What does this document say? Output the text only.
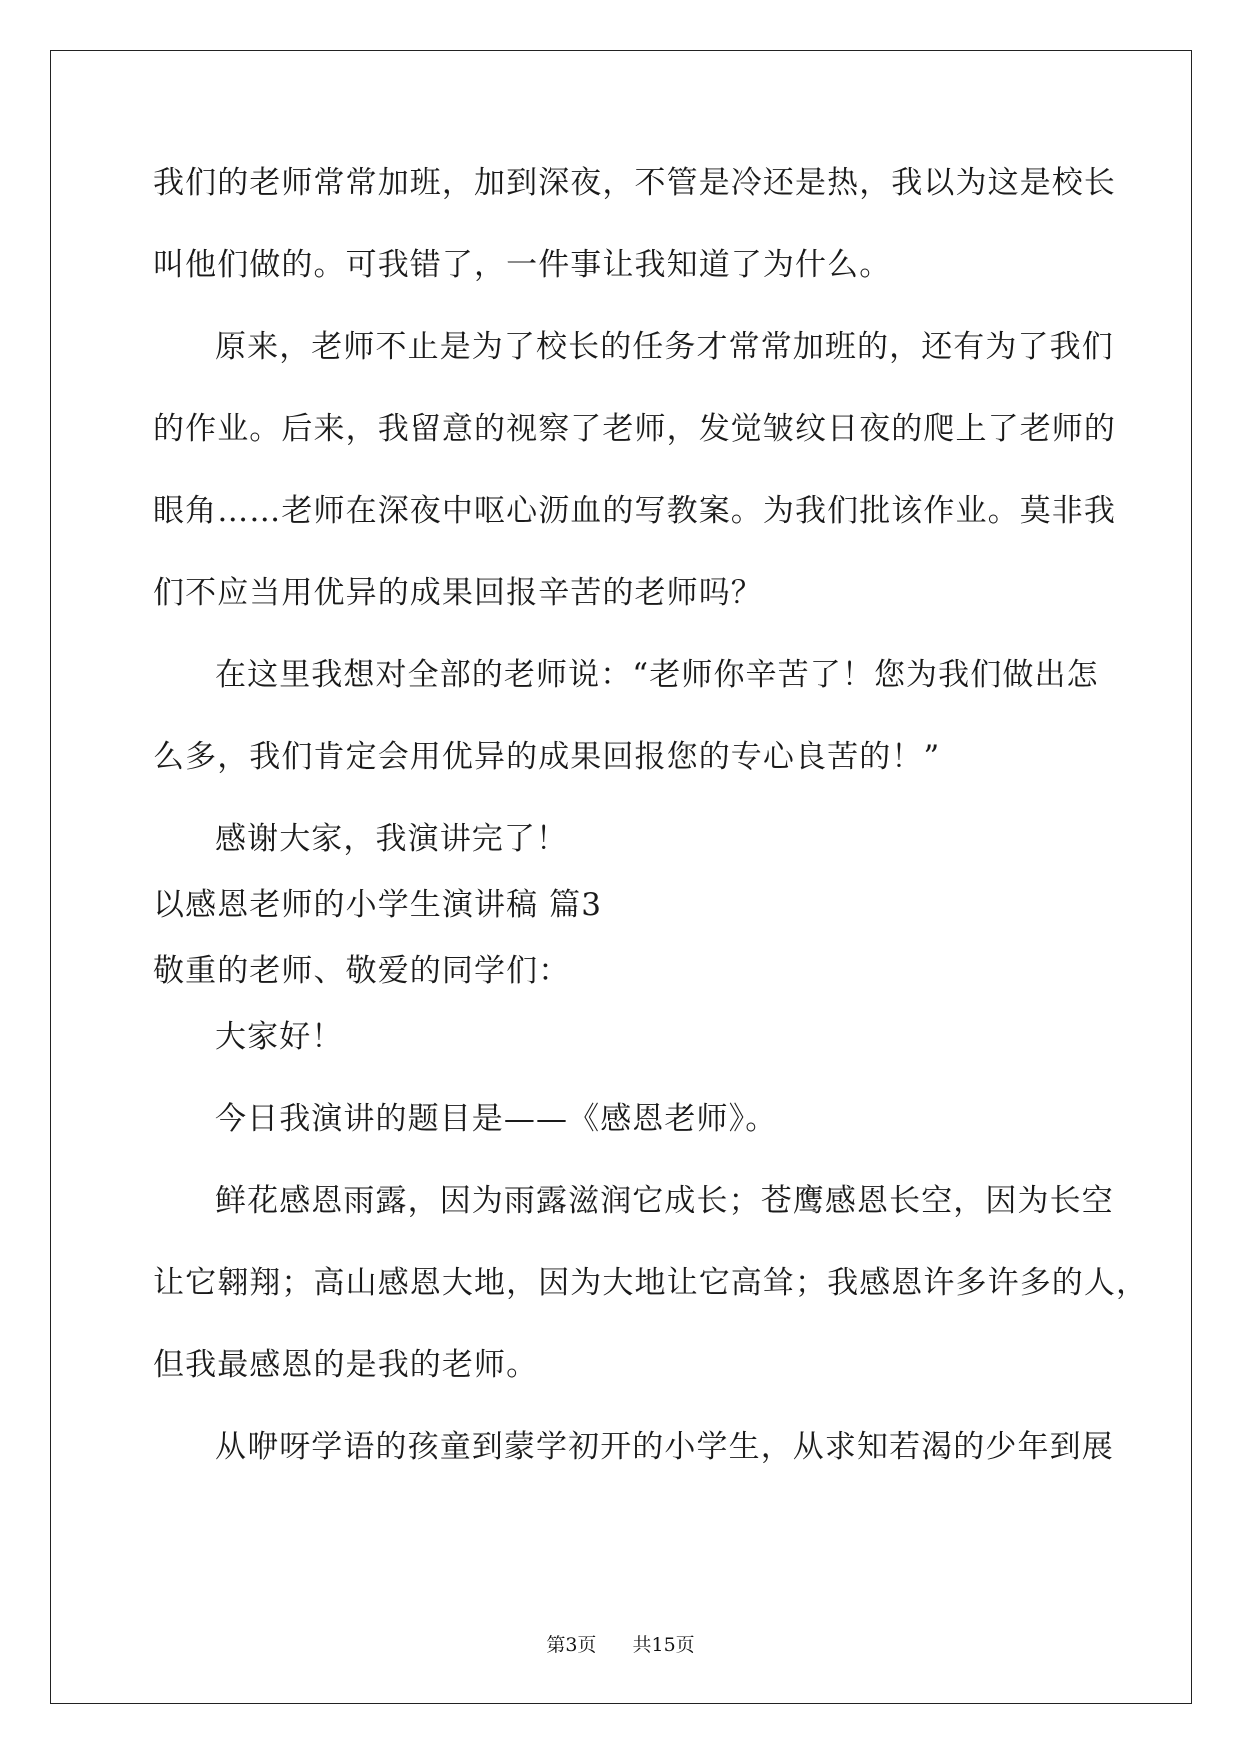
我们的老师常常加班，加到深夜，不管是冷还是热，我以为这是校长
叫他们做的。可我错了，一件事让我知道了为什么。
原来，老师不止是为了校长的任务才常常加班的，还有为了我们
的作业。后来，我留意的视察了老师，发觉皱纹日夜的爬上了老师的
眼角……老师在深夜中呕心沥血的写教案。为我们批该作业。莫非我
们不应当用优异的成果回报辛苦的老师吗？
在这里我想对全部的老师说：“老师你辛苦了！您为我们做出怎
么多，我们肯定会用优异的成果回报您的专心良苦的！”
感谢大家，我演讲完了！
以感恩老师的小学生演讲稿 篇3
敬重的老师、敬爱的同学们：
大家好！
今日我演讲的题目是——《感恩老师》。
鲜花感恩雨露，因为雨露滋润它成长；苍鹰感恩长空，因为长空
让它翱翔；高山感恩大地，因为大地让它高耸；我感恩许多许多的人，
但我最感恩的是我的老师。
从咿呀学语的孩童到蒙学初开的小学生，从求知若渴的少年到展
第3页 共15页
